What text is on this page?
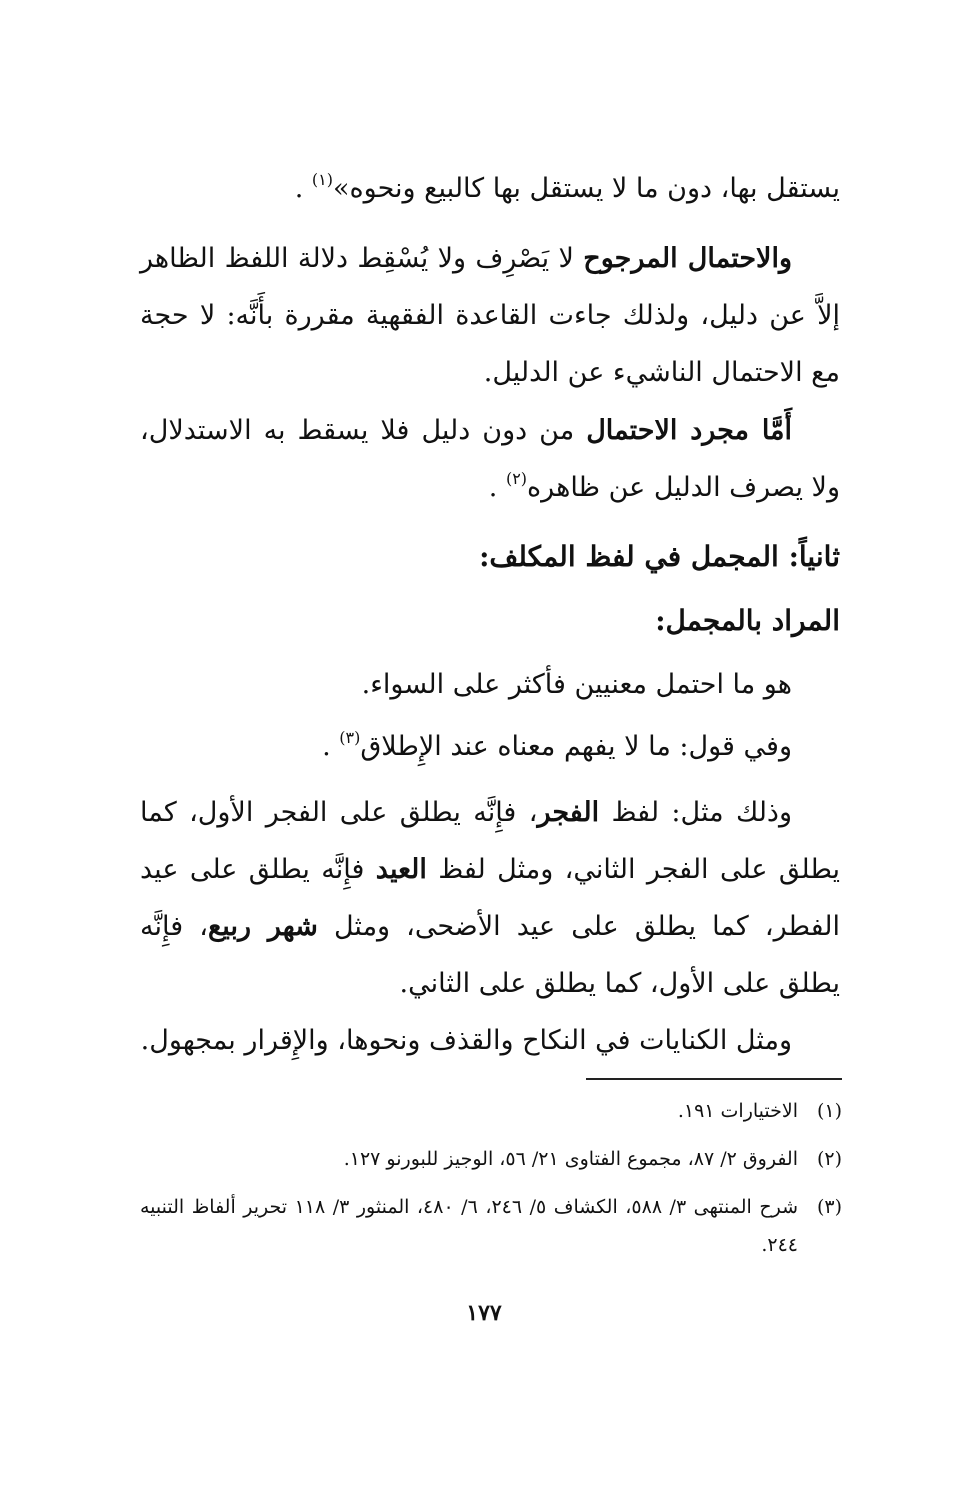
يستقل بها، دون ما لا يستقل بها كالبيع ونحوه»$^{(١)}$ .

والاحتمال المرجوح لا يَصْرِف ولا يُسْقِط دلالة اللفظ الظاهر إلاَّ عن دليل، ولذلك جاءت القاعدة الفقهية مقررة بأَنَّه: لا حجة مع الاحتمال الناشيء عن الدليل.

أَمَّا مجرد الاحتمال من دون دليل فلا يسقط به الاستدلال، ولا يصرف الدليل عن ظاهره$^{(٢)}$ .

ثانياً: المجمل في لفظ المكلف:

المراد بالمجمل:

هو ما احتمل معنيين فأكثر على السواء.

وفي قول: ما لا يفهم معناه عند الإِطلاق$^{(٣)}$ .

وذلك مثل: لفظ الفجر، فإِنَّه يطلق على الفجر الأول، كما يطلق على الفجر الثاني، ومثل لفظ العيد فإِنَّه يطلق على عيد الفطر، كما يطلق على عيد الأضحى، ومثل شهر ربيع، فإِنَّه يطلق على الأول، كما يطلق على الثاني.

ومثل الكنايات في النكاح والقذف ونحوها، والإِقرار بمجهول.

(١)
الاختيارات ١٩١.
(٢)
الفروق ٢/ ٨٧، مجموع الفتاوى ٢١/ ٥٦، الوجيز للبورنو ١٢٧.
(٣)
شرح المنتهى ٣/ ٥٨٨، الكشاف ٥/ ٢٤٦، ٦/ ٤٨٠، المنثور ٣/ ١١٨ تحرير ألفاظ التنبيه ٢٤٤.

١٧٧
